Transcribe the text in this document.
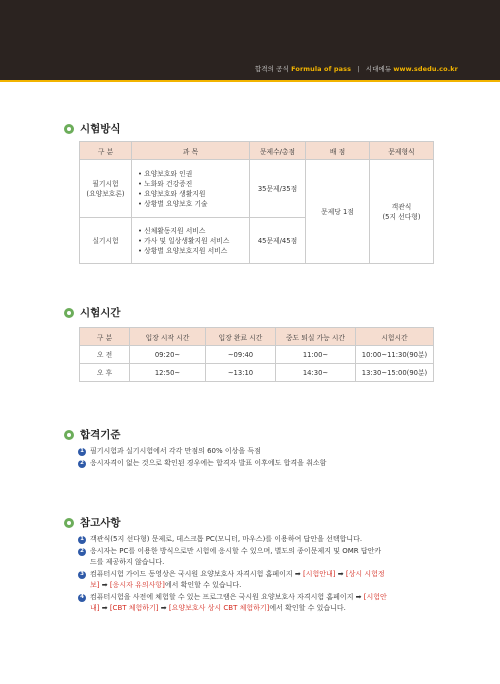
합격의 공식 Formula of pass | 시대에듀 www.sdedu.co.kr
시험방식
구 분	과 목	문제수/총점	배 점	문제형식

필기시험
(요양보호론)	• 요양보호와 인권
• 노화와 건강증진
• 요양보호와 생활지원
• 상황별 요양보호 기술	35문제/35점	문제당 1점	객관식
(5지 선다형)

실기시험	• 신체활동지원 서비스
• 가사 및 일상생활지원 서비스
• 상황별 요양보호지원 서비스	45문제/45점		
시험시간
구 분	입장 시작 시간	입장 완료 시간	중도 퇴실 가능 시간	시험시간
오 전	09:20~	~09:40	11:00~	10:00~11:30(90분)
오 후	12:50~	~13:10	14:30~	13:30~15:00(90분)
합격기준
1 필기시험과 실기시험에서 각각 만점의 60% 이상을 득점
2 응시자격이 없는 것으로 확인된 경우에는 합격자 발표 이후에도 합격을 취소함
참고사항
1 객관식(5지 선다형) 문제로, 데스크톱 PC(모니터, 마우스)를 이용하여 답안을 선택합니다.
2 응시자는 PC를 이용한 방식으로만 시험에 응시할 수 있으며, 별도의 종이문제지 및 OMR 답안카
드를 제공하지 않습니다.
3 컴퓨터시험 가이드 동영상은 국시원 요양보호사 자격시험 홈페이지 ➡ [시험안내] ➡ [상시 시험정
보] ➡ [응시자 유의사항]에서 확인할 수 있습니다.
4 컴퓨터시험을 사전에 체험할 수 있는 프로그램은 국시원 요양보호사 자격시험 홈페이지 ➡ [시험안
내] ➡ [CBT 체험하기] ➡ [요양보호사 상시 CBT 체험하기]에서 확인할 수 있습니다.
